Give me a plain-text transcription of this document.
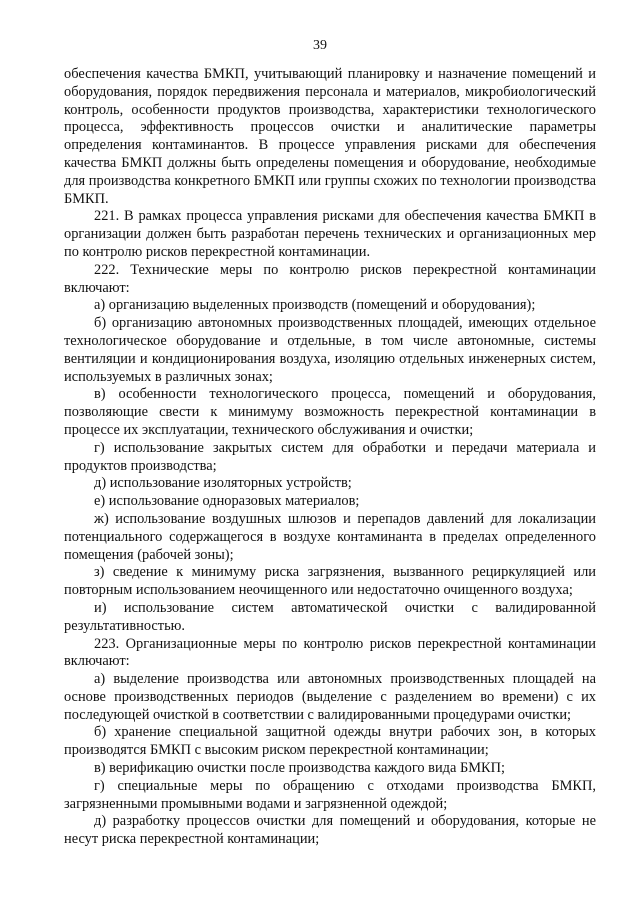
39

обеспечения качества БМКП, учитывающий планировку и назначение помещений и оборудования, порядок передвижения персонала и материалов, микробиологический контроль, особенности продуктов производства, характеристики технологического процесса, эффективность процессов очистки и аналитические параметры определения контаминантов. В процессе управления рисками для обеспечения качества БМКП должны быть определены помещения и оборудование, необходимые для производства конкретного БМКП или группы схожих по технологии производства БМКП.

221. В рамках процесса управления рисками для обеспечения качества БМКП в организации должен быть разработан перечень технических и организационных мер по контролю рисков перекрестной контаминации.

222. Технические меры по контролю рисков перекрестной контаминации включают:

а) организацию выделенных производств (помещений и оборудования);

б) организацию автономных производственных площадей, имеющих отдельное технологическое оборудование и отдельные, в том числе автономные, системы вентиляции и кондиционирования воздуха, изоляцию отдельных инженерных систем, используемых в различных зонах;

в) особенности технологического процесса, помещений и оборудования, позволяющие свести к минимуму возможность перекрестной контаминации в процессе их эксплуатации, технического обслуживания и очистки;

г) использование закрытых систем для обработки и передачи материала и продуктов производства;

д) использование изоляторных устройств;

е) использование одноразовых материалов;

ж) использование воздушных шлюзов и перепадов давлений для локализации потенциального содержащегося в воздухе контаминанта в пределах определенного помещения (рабочей зоны);

з) сведение к минимуму риска загрязнения, вызванного рециркуляцией или повторным использованием неочищенного или недостаточно очищенного воздуха;

и) использование систем автоматической очистки с валидированной результативностью.

223. Организационные меры по контролю рисков перекрестной контаминации включают:

а) выделение производства или автономных производственных площадей на основе производственных периодов (выделение с разделением во времени) с их последующей очисткой в соответствии с валидированными процедурами очистки;

б) хранение специальной защитной одежды внутри рабочих зон, в которых производятся БМКП с высоким риском перекрестной контаминации;

в) верификацию очистки после производства каждого вида БМКП;

г) специальные меры по обращению с отходами производства БМКП, загрязненными промывными водами и загрязненной одеждой;

д) разработку процессов очистки для помещений и оборудования, которые не несут риска перекрестной контаминации;
